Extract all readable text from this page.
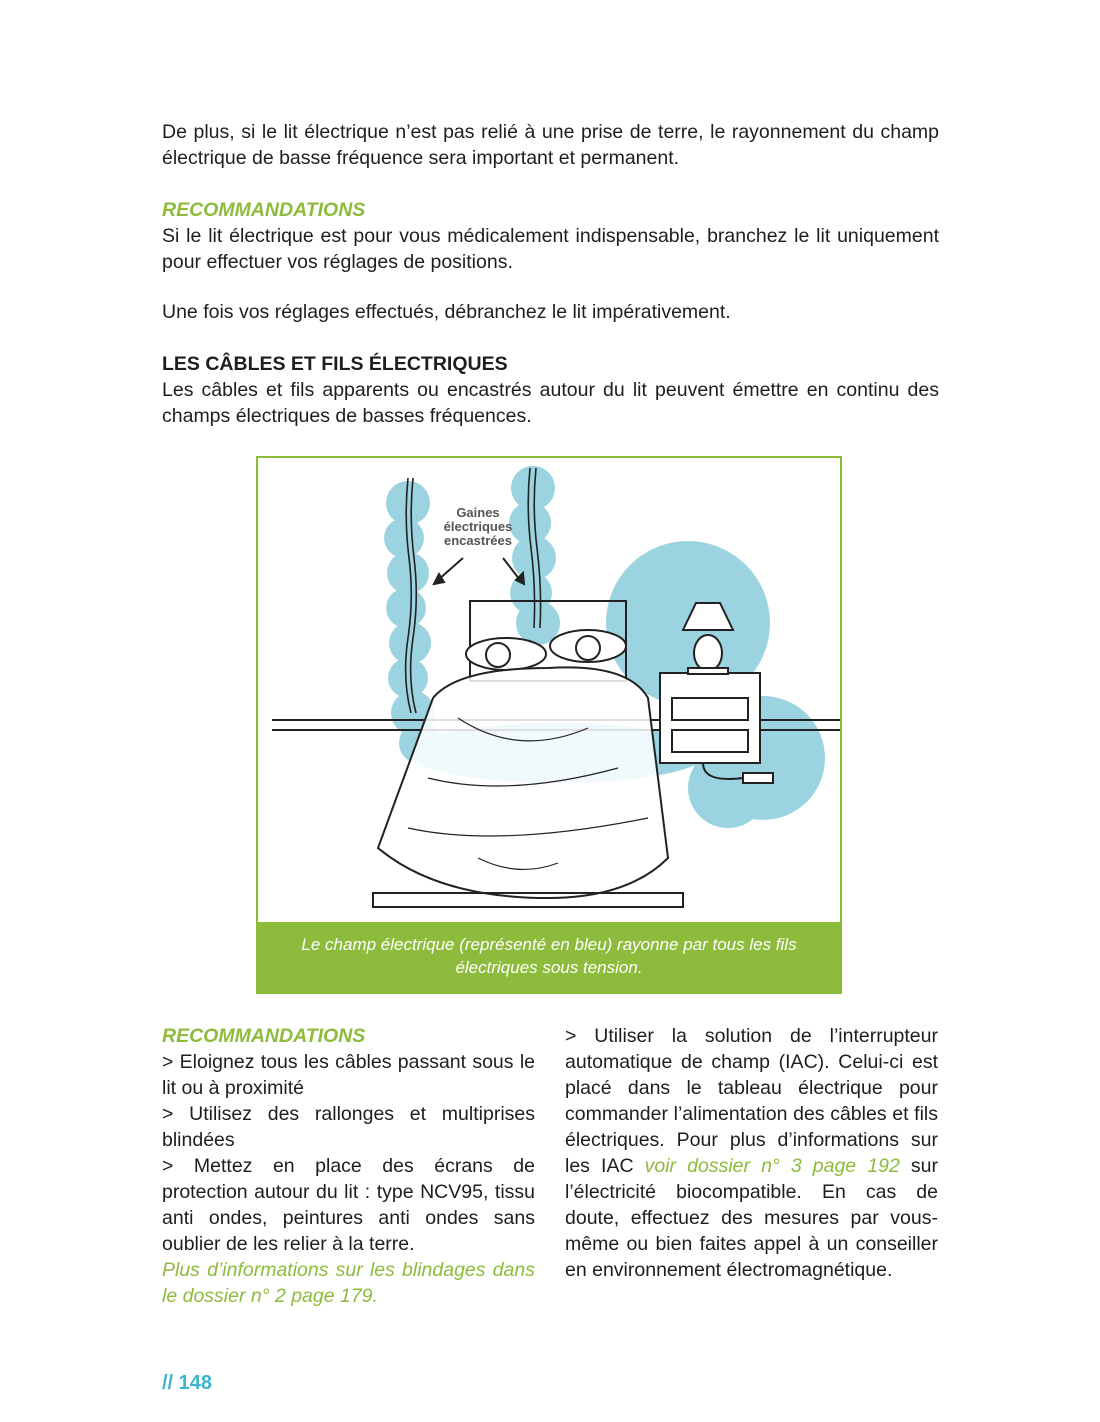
De plus, si le lit électrique n’est pas relié à une prise de terre, le rayonnement du champ électrique de basse fréquence sera important et permanent.

RECOMMANDATIONS

Si le lit électrique est pour vous médicalement indispensable, branchez le lit uniquement pour effectuer vos réglages de positions.

Une fois vos réglages effectués, débranchez le lit impérativement.

LES CÂBLES ET FILS ÉLECTRIQUES

Les câbles et fils apparents ou encastrés autour du lit peuvent émettre en continu des champs électriques de basses fréquences.

Gaines
électriques
encastrées
Le champ électrique (représenté en bleu) rayonne par tous les fils électriques sous tension.
RECOMMANDATIONS

> Eloignez tous les câbles passant sous le lit ou à proximité

> Utilisez des rallonges et multiprises blindées

> Mettez en place des écrans de protection autour du lit : type NCV95, tissu anti ondes, peintures anti ondes sans oublier de les relier à la terre.

Plus d’informations sur les blindages dans le dossier n° 2 page 179.

> Utiliser la solution de l’interrupteur automatique de champ (IAC). Celui-ci est placé dans le tableau électrique pour commander l’alimentation des câbles et fils électriques. Pour plus d’informations sur les IAC voir dossier n° 3 page 192 sur l’électricité biocompatible. En cas de doute, effectuez des mesures par vous-même ou bien faites appel à un conseiller en environnement électromagnétique.

// 148
